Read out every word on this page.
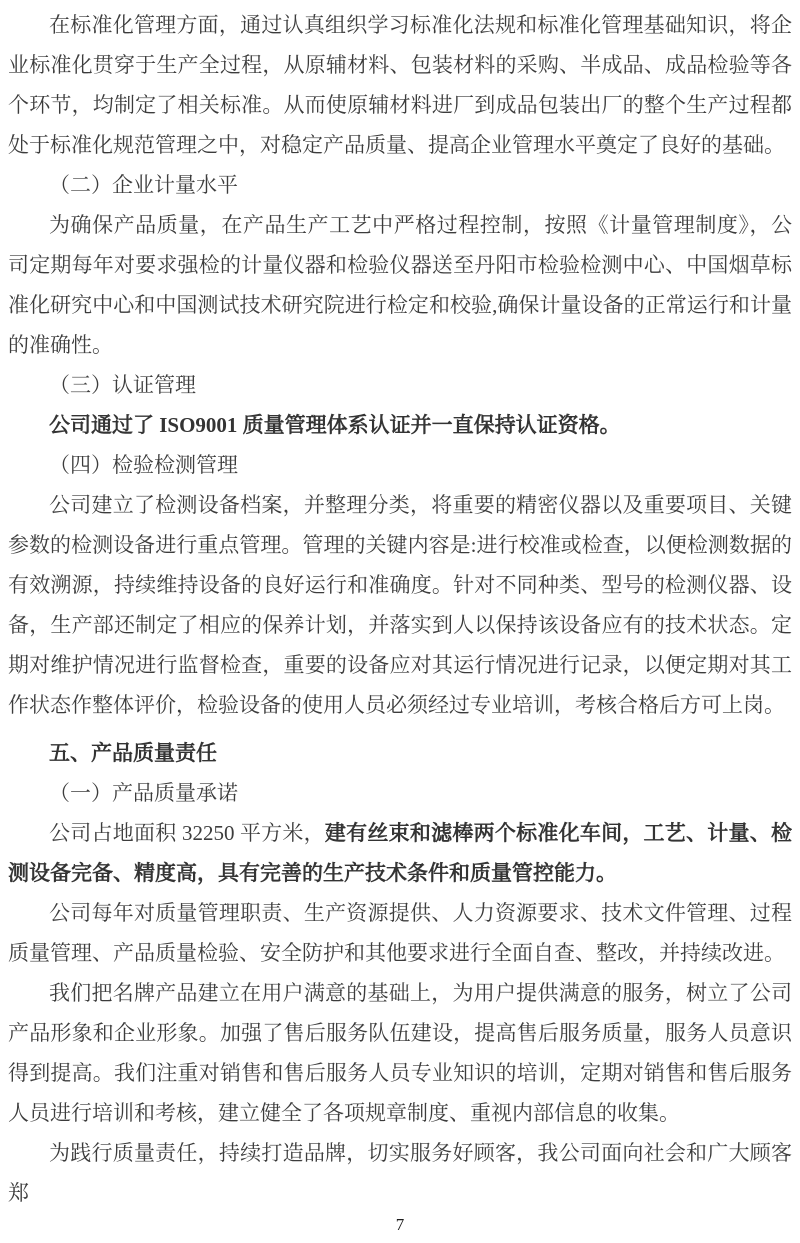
在标准化管理方面，通过认真组织学习标准化法规和标准化管理基础知识，将企业标准化贯穿于生产全过程，从原辅材料、包装材料的采购、半成品、成品检验等各个环节，均制定了相关标准。从而使原辅材料进厂到成品包装出厂的整个生产过程都处于标准化规范管理之中，对稳定产品质量、提高企业管理水平奠定了良好的基础。

（二）企业计量水平

为确保产品质量，在产品生产工艺中严格过程控制，按照《计量管理制度》，公司定期每年对要求强检的计量仪器和检验仪器送至丹阳市检验检测中心、中国烟草标准化研究中心和中国测试技术研究院进行检定和校验,确保计量设备的正常运行和计量的准确性。

（三）认证管理

公司通过了 ISO9001 质量管理体系认证并一直保持认证资格。

（四）检验检测管理

公司建立了检测设备档案，并整理分类，将重要的精密仪器以及重要项目、关键参数的检测设备进行重点管理。管理的关键内容是:进行校准或检查，以便检测数据的有效溯源，持续维持设备的良好运行和准确度。针对不同种类、型号的检测仪器、设备，生产部还制定了相应的保养计划，并落实到人以保持该设备应有的技术状态。定期对维护情况进行监督检查，重要的设备应对其运行情况进行记录，以便定期对其工作状态作整体评价，检验设备的使用人员必须经过专业培训，考核合格后方可上岗。

五、产品质量责任

（一）产品质量承诺

公司占地面积 32250 平方米，建有丝束和滤棒两个标准化车间，工艺、计量、检测设备完备、精度高，具有完善的生产技术条件和质量管控能力。

公司每年对质量管理职责、生产资源提供、人力资源要求、技术文件管理、过程质量管理、产品质量检验、安全防护和其他要求进行全面自查、整改，并持续改进。

我们把名牌产品建立在用户满意的基础上，为用户提供满意的服务，树立了公司产品形象和企业形象。加强了售后服务队伍建设，提高售后服务质量，服务人员意识得到提高。我们注重对销售和售后服务人员专业知识的培训，定期对销售和售后服务人员进行培训和考核，建立健全了各项规章制度、重视内部信息的收集。

为践行质量责任，持续打造品牌，切实服务好顾客，我公司面向社会和广大顾客郑

7
